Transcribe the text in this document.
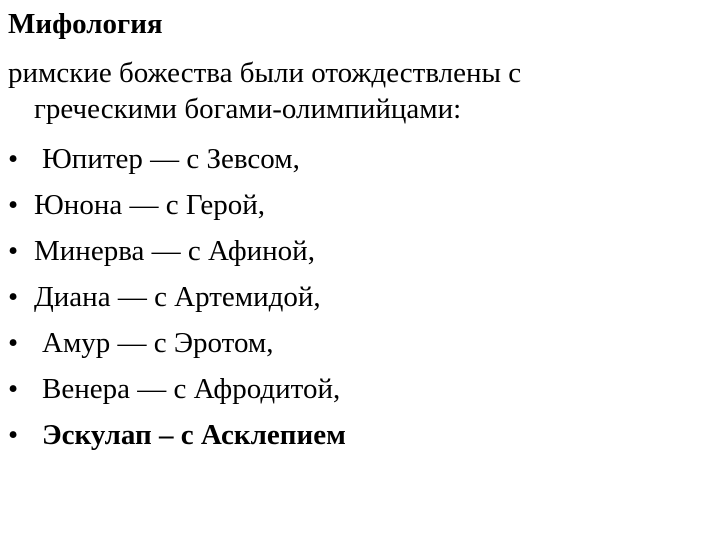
Мифология
римские божества были отождествлены с
греческими богами-олимпийцами:
• Юпитер — с Зевсом,
• Юнона — с Герой,
• Минерва — с Афиной,
• Диана — с Артемидой,
• Амур — с Эротом,
• Венера — с Афродитой,
• Эскулап – с Асклепием
